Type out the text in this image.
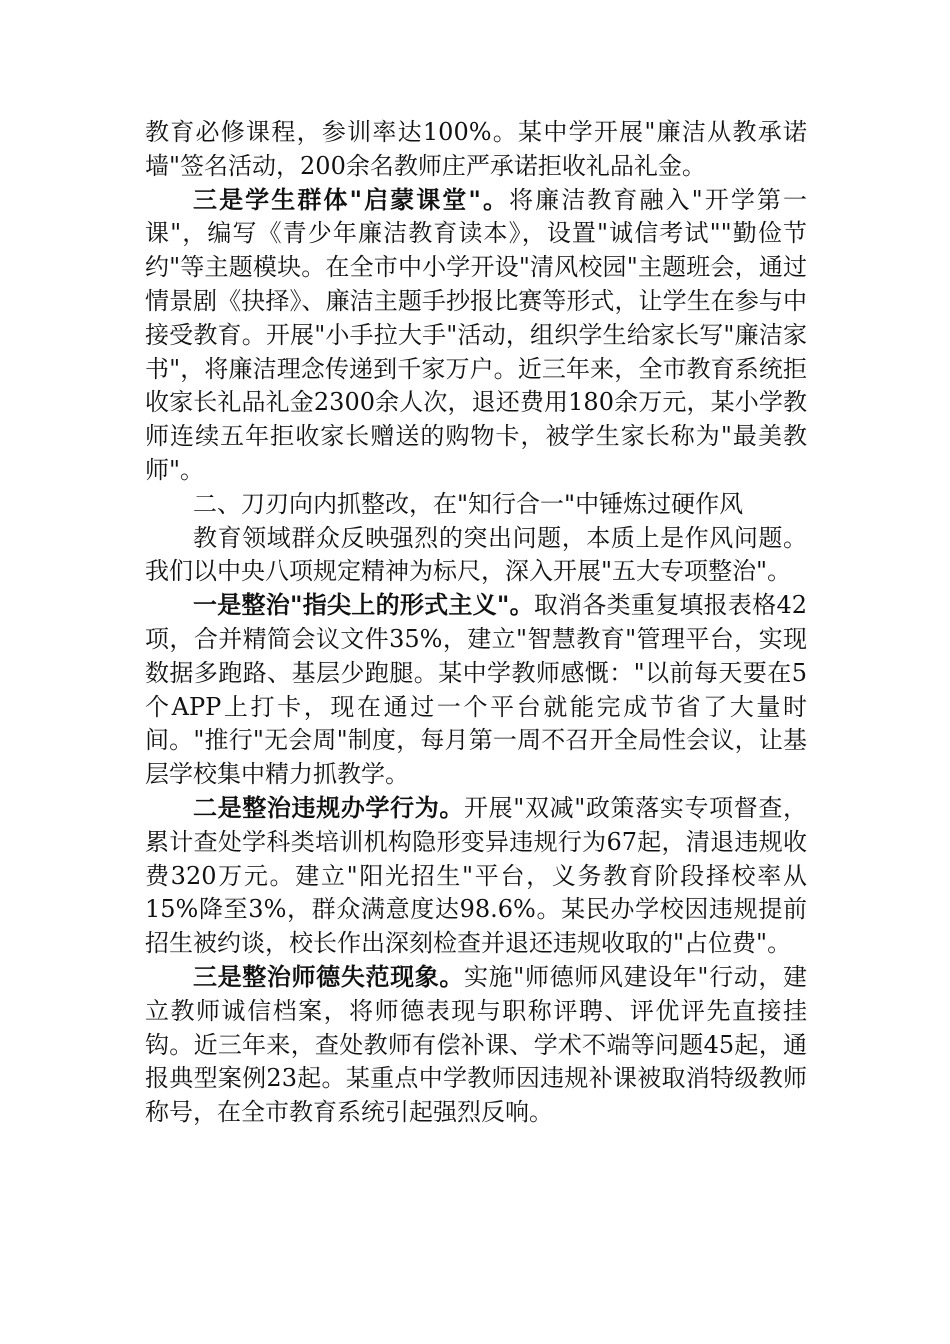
教育必修课程，参训率达100%。某中学开展"廉洁从教承诺墙"签名活动，200余名教师庄严承诺拒收礼品礼金。

三是学生群体"启蒙课堂"。将廉洁教育融入"开学第一课"，编写《青少年廉洁教育读本》，设置"诚信考试""勤俭节约"等主题模块。在全市中小学开设"清风校园"主题班会，通过情景剧《抉择》、廉洁主题手抄报比赛等形式，让学生在参与中接受教育。开展"小手拉大手"活动，组织学生给家长写"廉洁家书"，将廉洁理念传递到千家万户。近三年来，全市教育系统拒收家长礼品礼金2300余人次，退还费用180余万元，某小学教师连续五年拒收家长赠送的购物卡，被学生家长称为"最美教师"。

二、刀刃向内抓整改，在"知行合一"中锤炼过硬作风

教育领域群众反映强烈的突出问题，本质上是作风问题。我们以中央八项规定精神为标尺，深入开展"五大专项整治"。

一是整治"指尖上的形式主义"。取消各类重复填报表格42项，合并精简会议文件35%，建立"智慧教育"管理平台，实现数据多跑路、基层少跑腿。某中学教师感慨："以前每天要在5个APP上打卡，现在通过一个平台就能完成节省了大量时间。"推行"无会周"制度，每月第一周不召开全局性会议，让基层学校集中精力抓教学。

二是整治违规办学行为。开展"双减"政策落实专项督查，累计查处学科类培训机构隐形变异违规行为67起，清退违规收费320万元。建立"阳光招生"平台，义务教育阶段择校率从15%降至3%，群众满意度达98.6%。某民办学校因违规提前招生被约谈，校长作出深刻检查并退还违规收取的"占位费"。

三是整治师德失范现象。实施"师德师风建设年"行动，建立教师诚信档案，将师德表现与职称评聘、评优评先直接挂钩。近三年来，查处教师有偿补课、学术不端等问题45起，通报典型案例23起。某重点中学教师因违规补课被取消特级教师称号，在全市教育系统引起强烈反响。
